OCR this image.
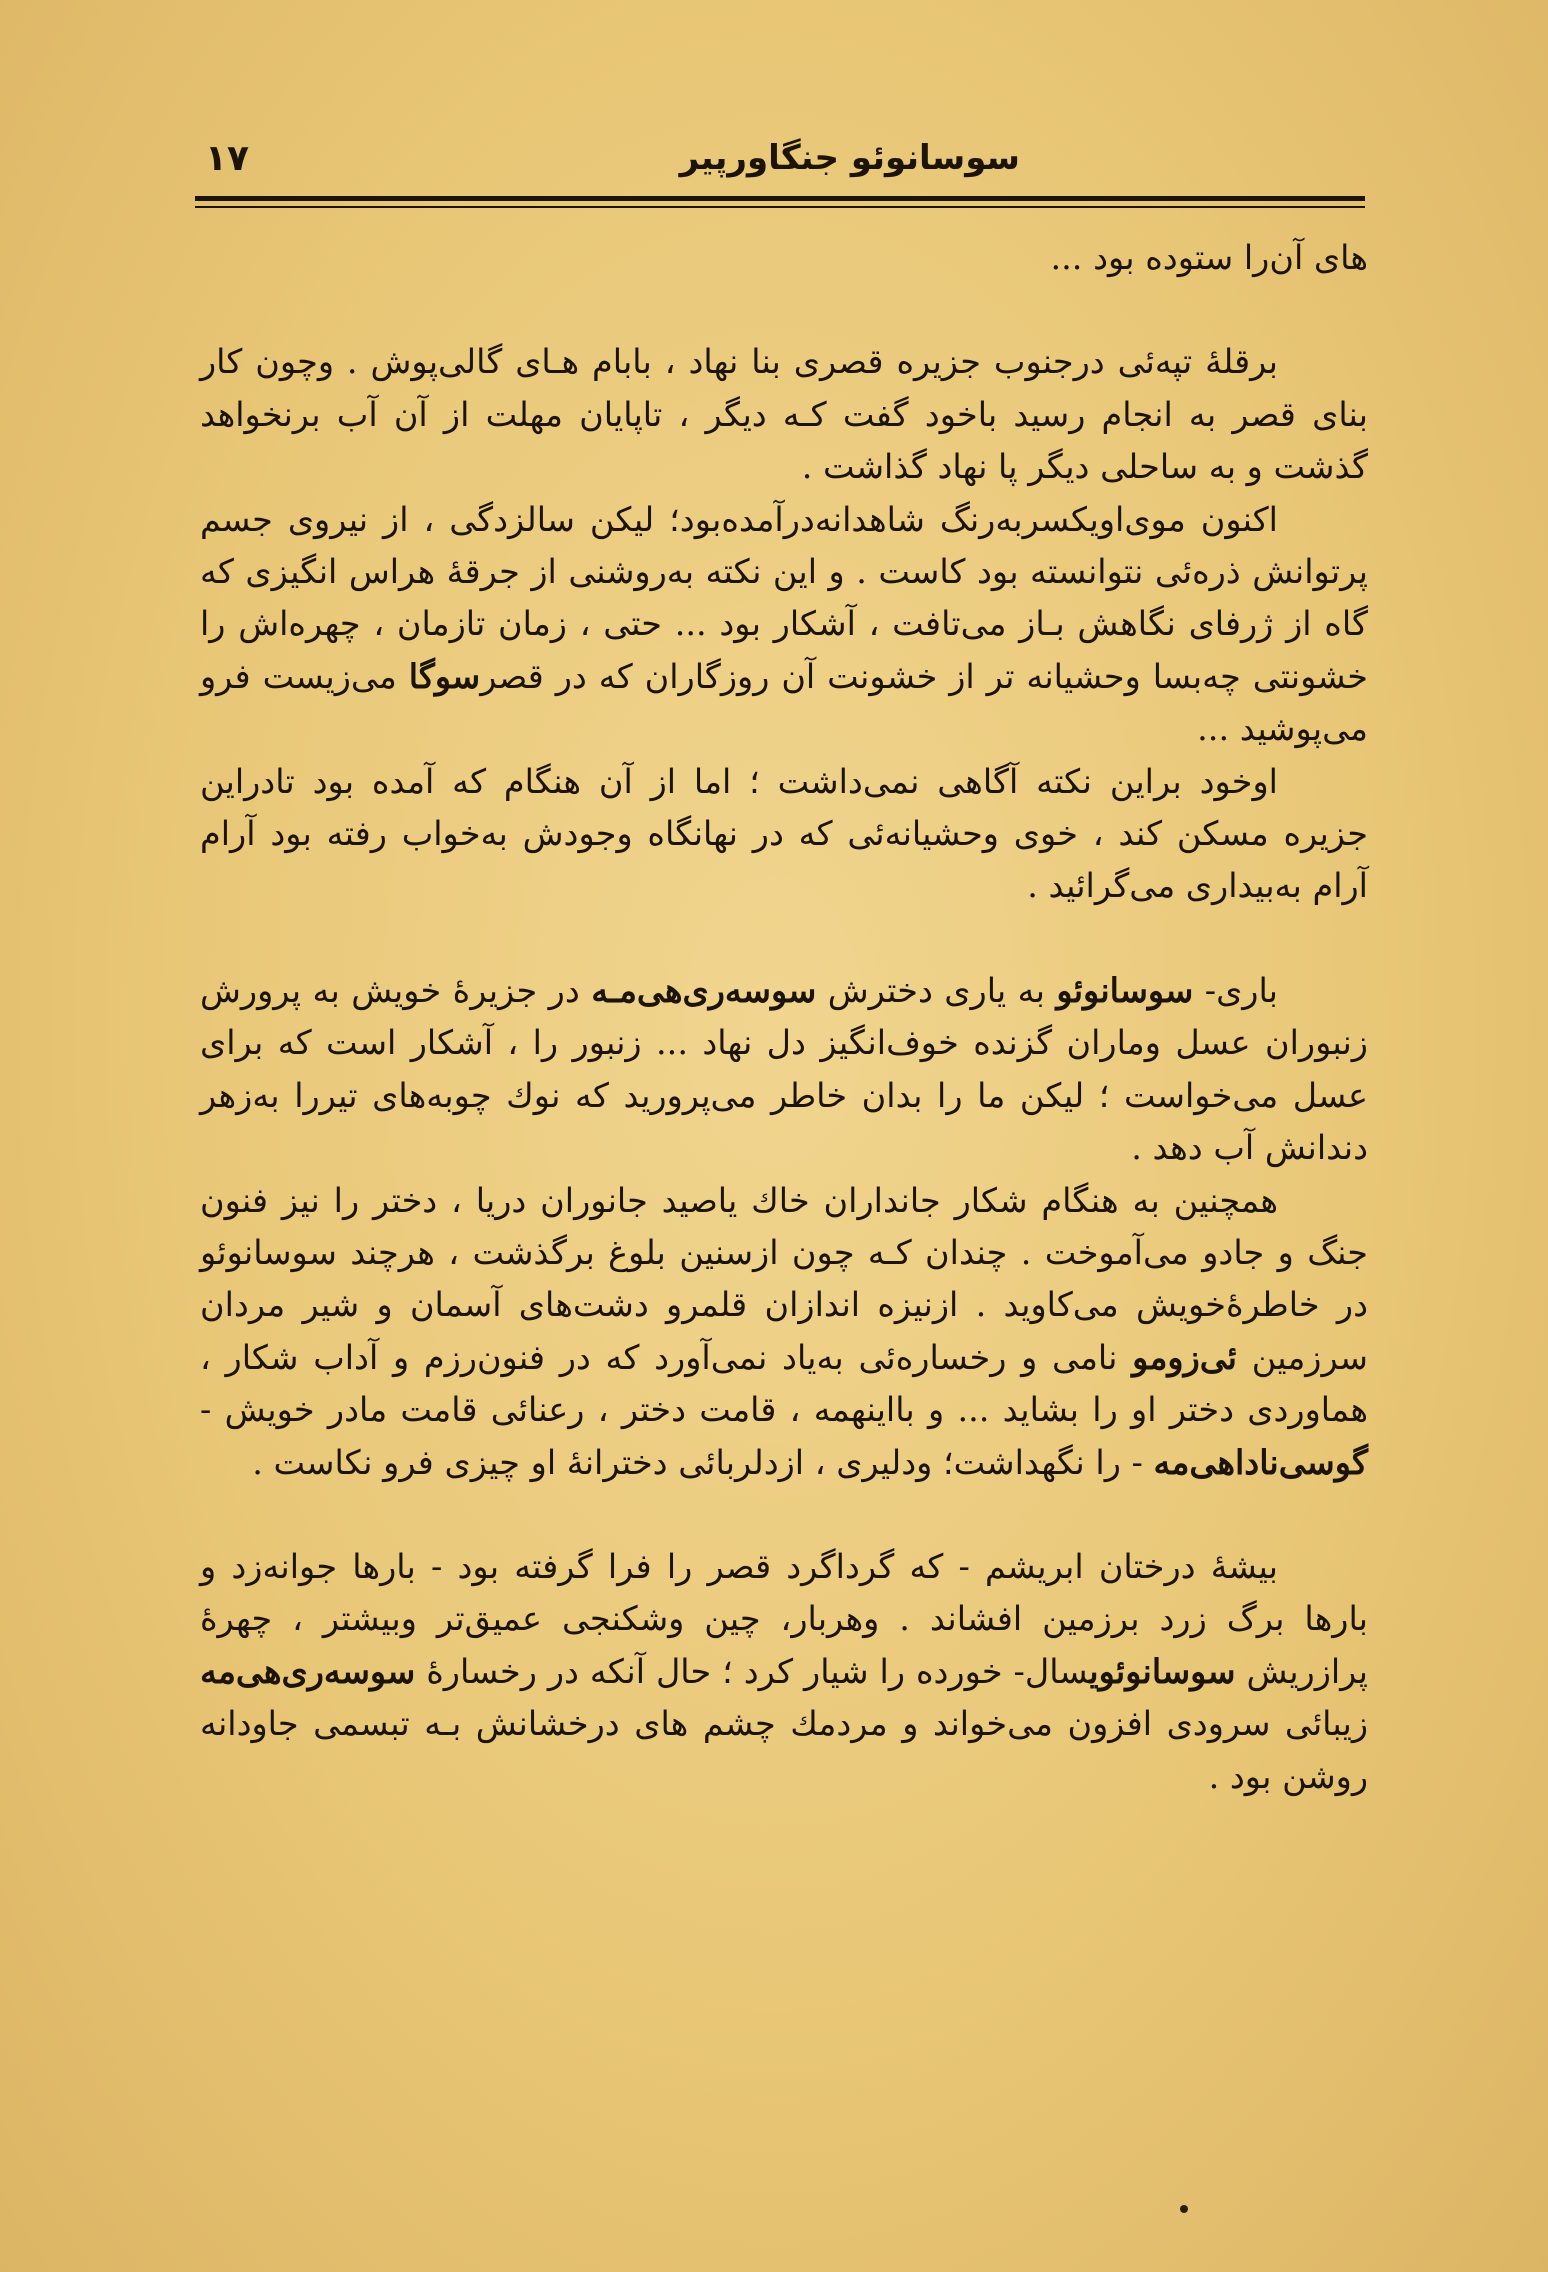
سوسانوئو جنگاورپیر
١٧

های آن‌را ستوده بود ...

برقلهٔ تپه‌ئی درجنوب جزیره قصری بنا نهاد ، بابام هـای گالی‌پوش . وچون کار بنای قصر به انجام رسید باخود گفت کـه دیگر ، تاپایان مهلت از آن آب برنخواهد گذشت و به ساحلی دیگر پا نهاد گذاشت .

اکنون موی‌اویکسربه‌رنگ شاهدانه‌درآمده‌بود؛ لیکن سالزدگی ، از نیروی جسم پرتوانش ذره‌ئی نتوانسته بود کاست . و این نکته به‌روشنی از جرقهٔ هراس انگیزی که گاه از ژرفای نگاهش بـاز می‌تافت ، آشکار بود ... حتی ، زمان تازمان ، چهره‌اش را خشونتی چه‌بسا وحشیانه تر از خشونت آن روزگاران که در قصرسوگا می‌زیست فرو می‌پوشید ...

اوخود براین نکته آگاهی نمی‌داشت ؛ اما از آن هنگام که آمده بود تادراین جزیره مسکن کند ، خوی وحشیانه‌ئی که در نهانگاه وجودش به‌خواب رفته بود آرام آرام به‌بیداری می‌گرائید .

باری- سوسانوئو به یاری دخترش سوسه‌ری‌هی‌مـه در جزیرهٔ خویش به پرورش زنبوران عسل وماران گزنده خوف‌انگیز دل نهاد ... زنبور را ، آشکار است که برای عسل می‌خواست ؛ لیکن ما را بدان خاطر می‌پرورید که نوك چوبه‌های تیررا به‌زهر دندانش آب دهد .

همچنین به هنگام شکار جانداران خاك یاصید جانوران دریا ، دختر را نیز فنون جنگ و جادو می‌آموخت . چندان کـه چون ازسنین بلوغ برگذشت ، هرچند سوسانوئو در خاطرهٔ‌خویش می‌کاوید . ازنیزه اندازان قلمرو دشت‌های آسمان و شیر مردان سرزمین ئی‌زومو نامی و رخساره‌ئی به‌یاد نمی‌آورد که در فنون‌رزم و آداب شکار ، هماوردی دختر او را بشاید ... و بااینهمه ، قامت دختر ، رعنائی قامت مادر خویش - گوسی‌ناداهی‌مه - را نگهداشت؛ ودلیری ، ازدلربائی دخترانهٔ او چیزی فرو نکاست .

بیشهٔ درختان ابریشم - که گرداگرد قصر را فرا گرفته بود - بارها جوانه‌زد و بارها برگ زرد برزمین افشاند . وهربار، چین وشکنجی عمیق‌تر وبیشتر ، چهرهٔ پرازریش سوسانوئویسال- خورده را شیار کرد ؛ حال آنکه در رخسارهٔ سوسه‌ری‌هی‌مه زیبائی سرودی افزون می‌خواند و مردمك چشم های درخشانش بـه تبسمی جاودانه روشن بود .
